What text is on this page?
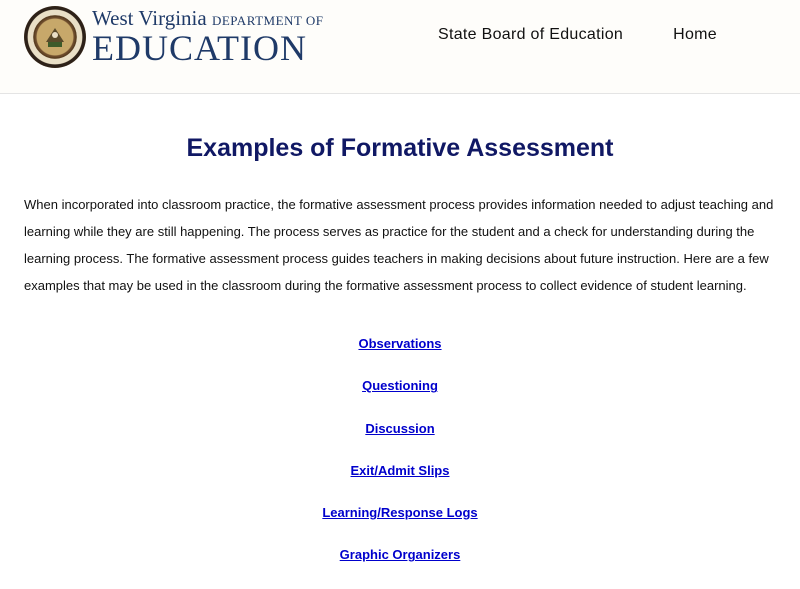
West Virginia DEPARTMENT OF
EDUCATION	State Board of Education	Home
Examples of Formative Assessment

When incorporated into classroom practice, the formative assessment process provides information needed to adjust teaching and learning while they are still happening. The process serves as practice for the student and a check for understanding during the learning process. The formative assessment process guides teachers in making decisions about future instruction. Here are a few examples that may be used in the classroom during the formative assessment process to collect evidence of student learning.

Observations
Questioning
Discussion
Exit/Admit Slips
Learning/Response Logs
Graphic Organizers
